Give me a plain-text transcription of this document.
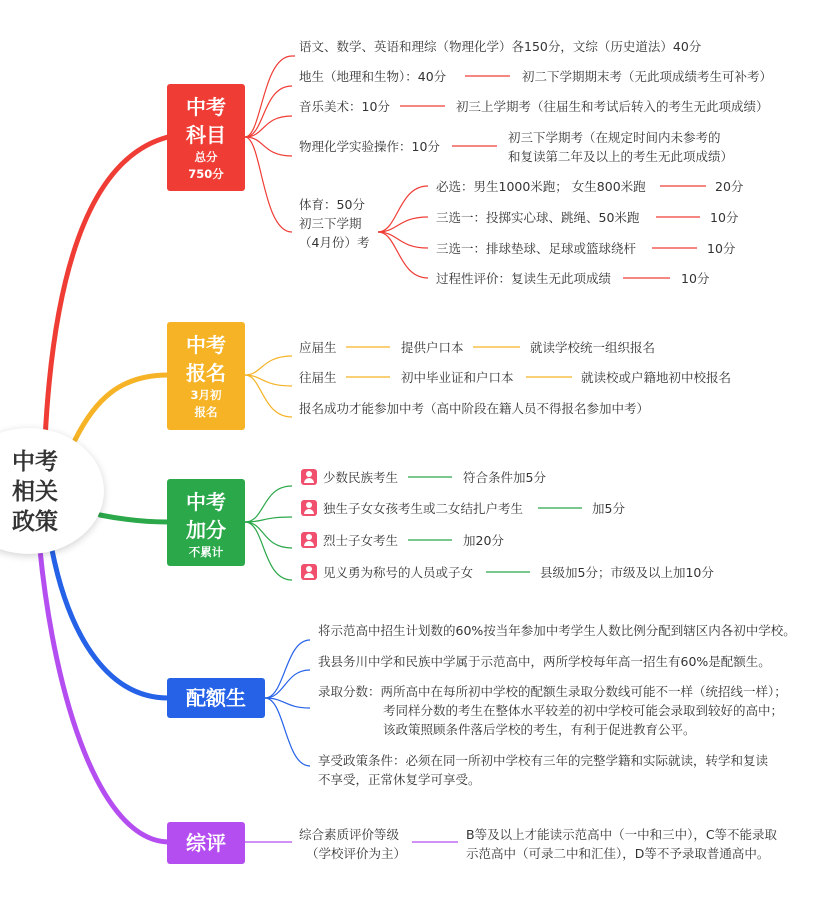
中考
相关
政策
中考
科目
总分
750分
语文、数学、英语和理综（物理化学）各150分，文综（历史道法）40分
地生（地理和生物）：40分	初二下学期期末考（无此项成绩考生可补考）
音乐美术：10分	初三上学期考（往届生和考试后转入的考生无此项成绩）
物理化学实验操作：10分
初三下学期考（在规定时间内未参考的
和复读第二年及以上的考生无此项成绩）
体育：50分
初三下学期
（4月份）考
必选：男生1000米跑； 女生800米跑	20分
三选一：投掷实心球、跳绳、50米跑	10分
三选一：排球垫球、足球或篮球绕杆	10分
过程性评价：复读生无此项成绩	10分
中考
报名
3月初
报名
应届生	提供户口本	就读学校统一组织报名
往届生	初中毕业证和户口本	就读校或户籍地初中校报名
报名成功才能参加中考（高中阶段在籍人员不得报名参加中考）
中考
加分
不累计
少数民族考生	符合条件加5分
独生子女女孩考生或二女结扎户考生	加5分
烈士子女考生	加20分
见义勇为称号的人员或子女	县级加5分；市级及以上加10分
配额生
将示范高中招生计划数的60%按当年参加中考学生人数比例分配到辖区内各初中学校。
我县务川中学和民族中学属于示范高中，两所学校每年高一招生有60%是配额生。
录取分数：两所高中在每所初中学校的配额生录取分数线可能不一样（统招线一样）；
考同样分数的考生在整体水平较差的初中学校可能会录取到较好的高中；
该政策照顾条件落后学校的考生，有利于促进教育公平。
享受政策条件：必须在同一所初中学校有三年的完整学籍和实际就读，转学和复读
不享受，正常休复学可享受。
综评	综合素质评价等级
（学校评价为主）
B等及以上才能读示范高中（一中和三中），C等不能录取
示范高中（可录二中和汇佳），D等不予录取普通高中。
